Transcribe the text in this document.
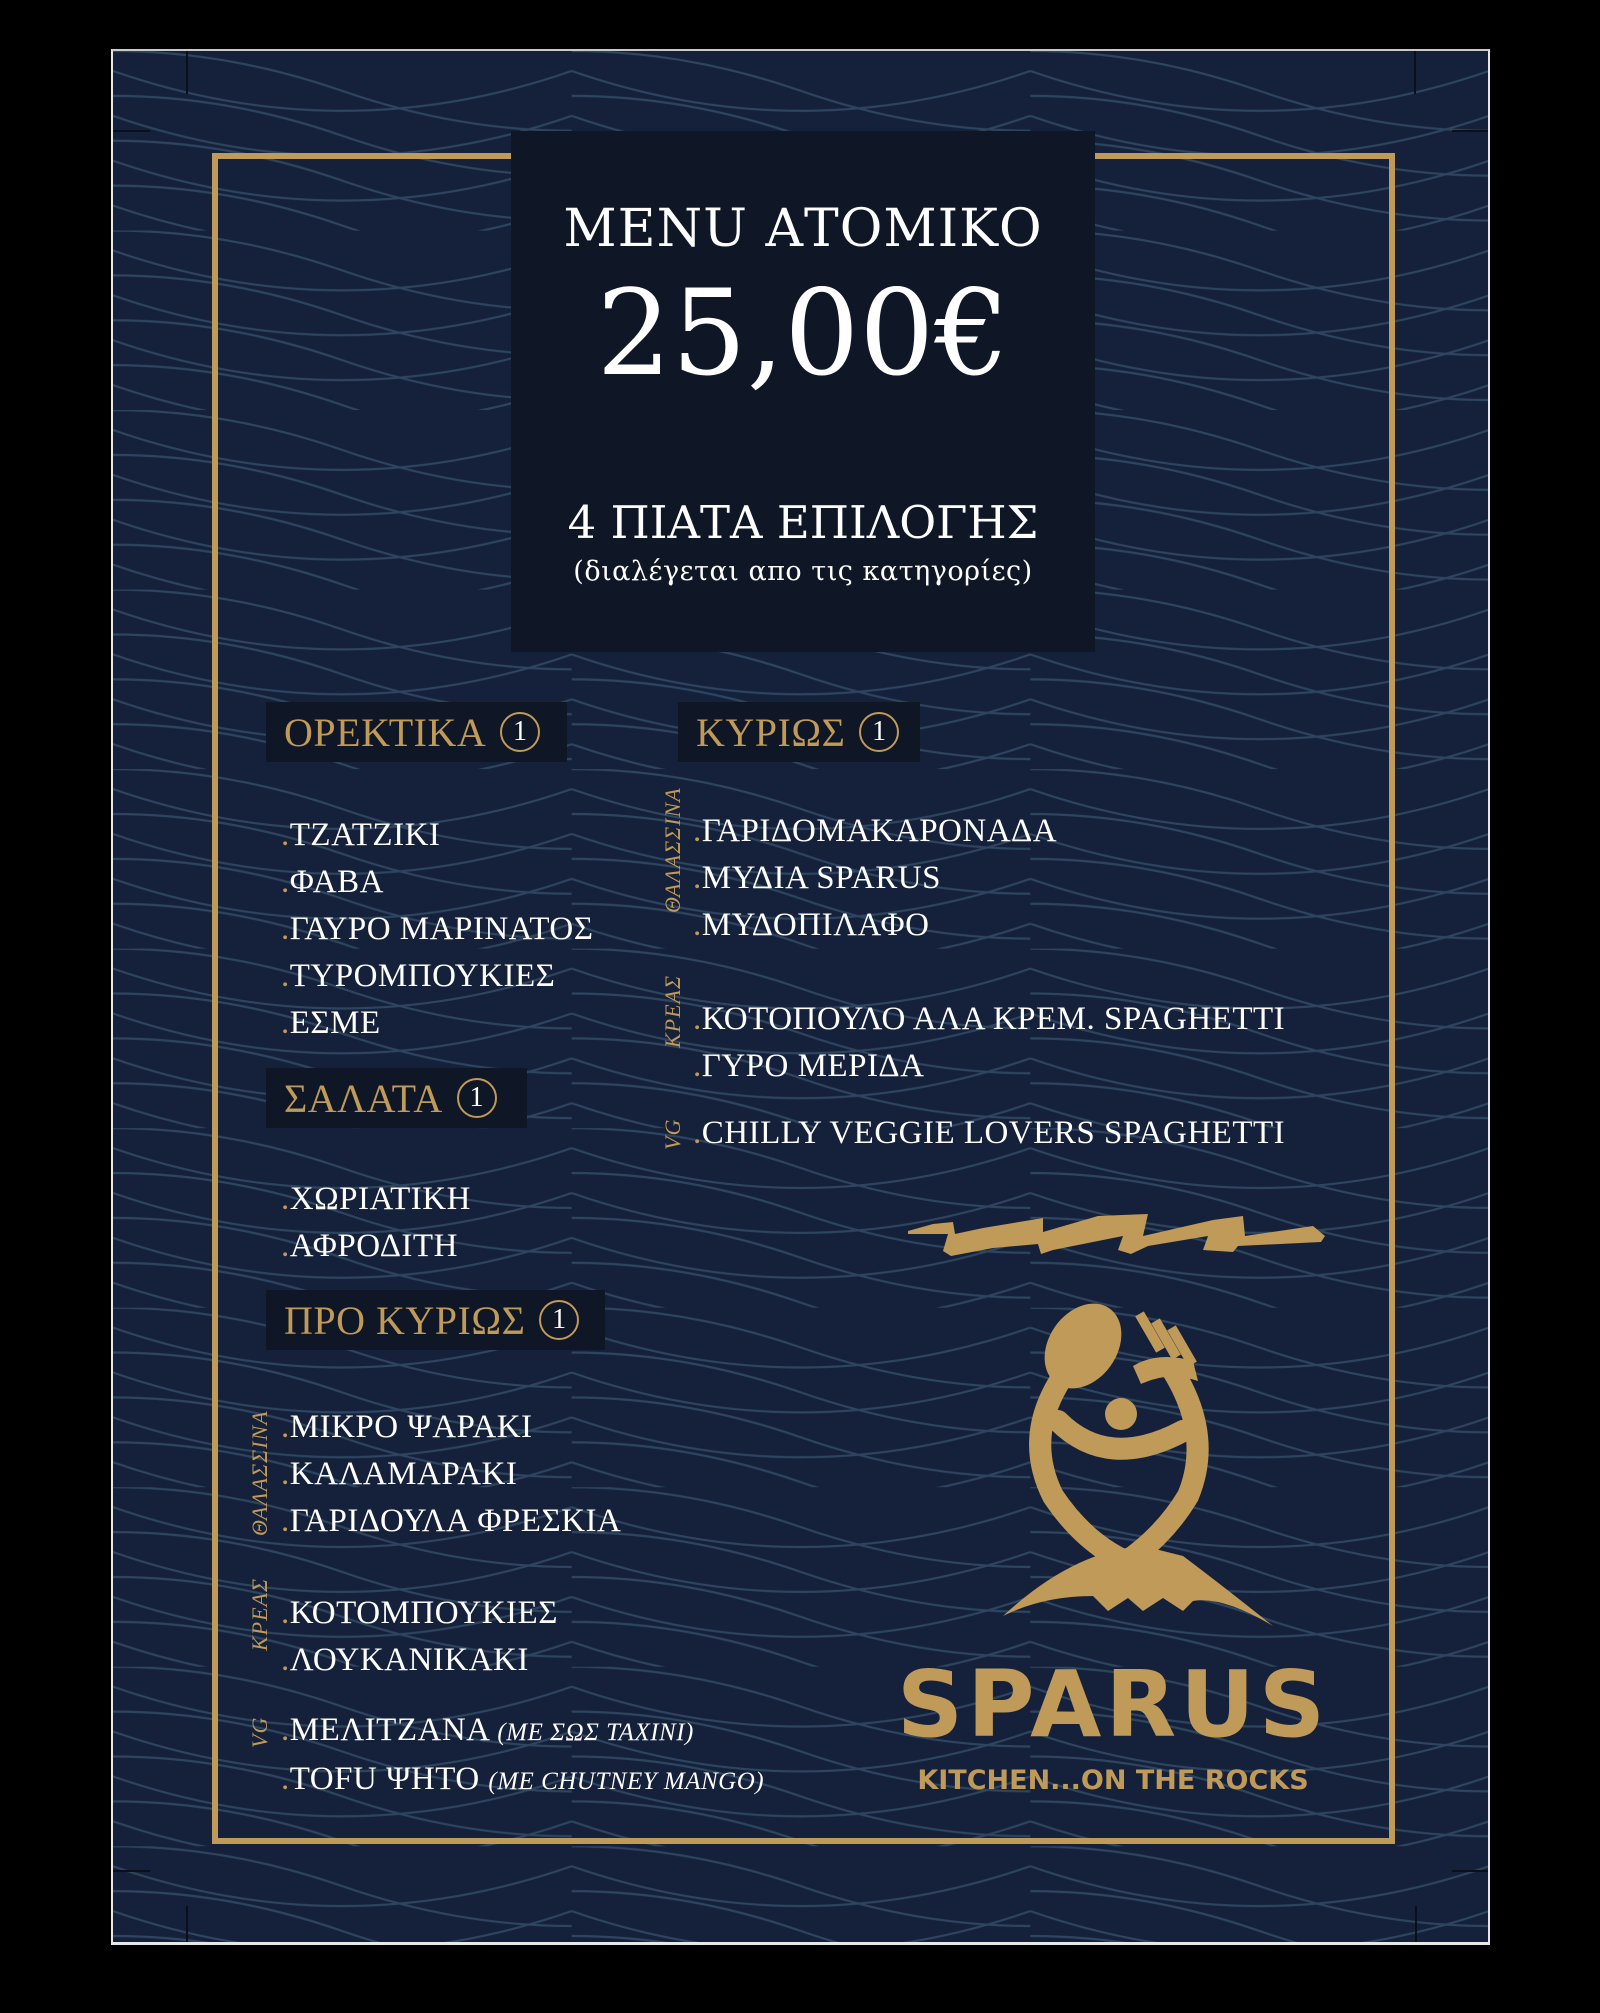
MENU ΑΤΟΜΙΚΟ
25,00€
4 ΠΙΑΤΑ ΕΠΙΛΟΓΗΣ
(διαλέγεται απο τις κατηγορίες)
ΟΡΕΚΤΙΚΑ 1
.ΤΖΑΤΖΙΚΙ
.ΦΑΒΑ
.ΓΑΥΡΟ ΜΑΡΙΝΑΤΟΣ
.ΤΥΡΟΜΠΟΥΚΙΕΣ
.ΕΣΜΕ
ΣΑΛΑΤΑ 1
.ΧΩΡΙΑΤΙΚΗ
.ΑΦΡΟΔΙΤΗ
ΠΡΟ ΚΥΡΙΩΣ 1
ΘΑΛΑΣΣΙΝΑ .ΜΙΚΡΟ ΨΑΡΑΚΙ
.ΚΑΛΑΜΑΡΑΚΙ
.ΓΑΡΙΔΟΥΛΑ ΦΡΕΣΚΙΑ
ΚΡΕΑΣ .ΚΟΤΟΜΠΟΥΚΙΕΣ
.ΛΟΥΚΑΝΙΚΑΚΙ
VG .ΜΕΛΙΤΖΑΝΑ (ΜΕ ΣΩΣ ΤΑΧΙΝΙ)
.TOFU ΨΗΤΟ (ΜΕ CHUTNEY MANGO)
ΚΥΡΙΩΣ 1
ΘΑΛΑΣΣΙΝΑ .ΓΑΡΙΔΟΜΑΚΑΡΟΝΑΔΑ
.ΜΥΔΙΑ SPARUS
.ΜΥΔΟΠΙΛΑΦΟ
ΚΡΕΑΣ .ΚΟΤΟΠΟΥΛΟ ΑΛΑ ΚΡΕΜ. SPAGHETTI
.ΓΥΡΟ ΜΕΡΙΔΑ
VG .CHILLY VEGGIE LOVERS SPAGHETTI
SPARUS
KITCHEN...ON THE ROCKS
